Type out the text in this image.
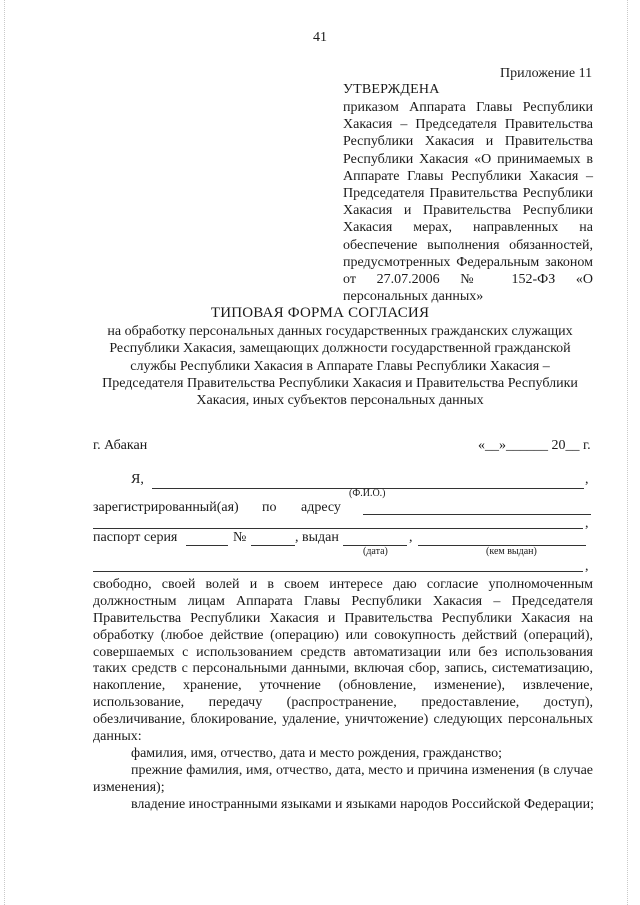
41
Приложение 11
УТВЕРЖДЕНА
приказом Аппарата Главы Республики
Хакасия – Председателя Правительства
Республики Хакасия и Правительства
Республики Хакасия «О принимаемых в
Аппарате Главы Республики Хакасия –
Председателя Правительства Республики
Хакасия и Правительства Республики
Хакасия мерах, направленных на
обеспечение выполнения обязанностей,
предусмотренных Федеральным законом
от 27.07.2006 № 152-ФЗ «О
персональных данных»
ТИПОВАЯ ФОРМА СОГЛАСИЯ
на обработку персональных данных государственных гражданских служащих
Республики Хакасия, замещающих должности государственной гражданской
службы Республики Хакасия в Аппарате Главы Республики Хакасия –
Председателя Правительства Республики Хакасия и Правительства Республики
Хакасия, иных субъектов персональных данных
г. Абакан	«__»______ 20__ г.
Я,	,
(Ф.И.О.)
зарегистрированный(ая) по адресу
,
паспорт серия	№	, выдан	,
(дата)	(кем выдан)
,
свободно, своей волей и в своем интересе даю согласие уполномоченным
должностным лицам Аппарата Главы Республики Хакасия – Председателя
Правительства Республики Хакасия и Правительства Республики Хакасия на
обработку (любое действие (операцию) или совокупность действий (операций),
совершаемых с использованием средств автоматизации или без использования
таких средств с персональными данными, включая сбор, запись, систематизацию,
накопление, хранение, уточнение (обновление, изменение), извлечение,
использование, передачу (распространение, предоставление, доступ),
обезличивание, блокирование, удаление, уничтожение) следующих персональных
данных:
фамилия, имя, отчество, дата и место рождения, гражданство;
прежние фамилия, имя, отчество, дата, место и причина изменения (в случае
изменения);
владение иностранными языками и языками народов Российской Федерации;
